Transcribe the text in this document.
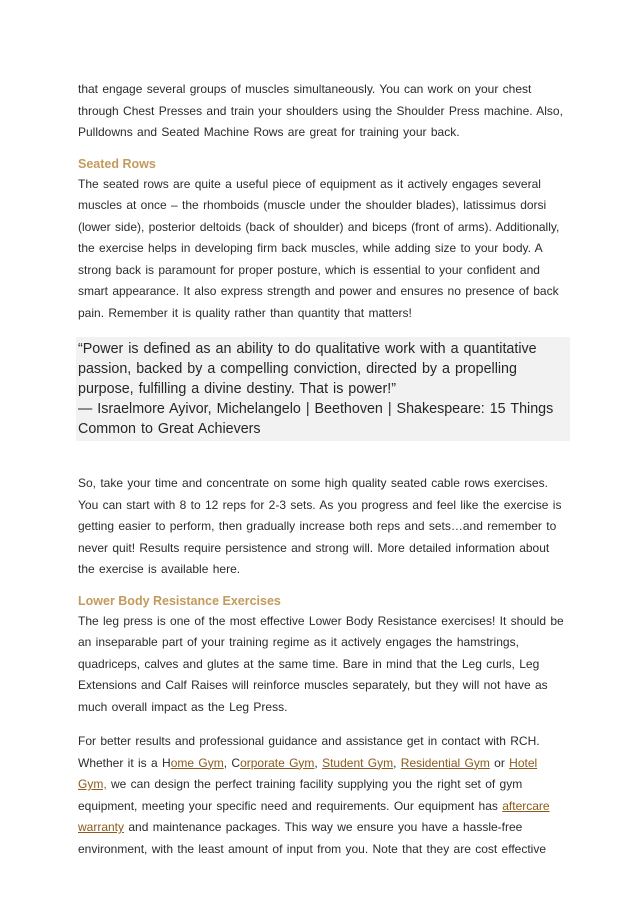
that engage several groups of muscles simultaneously. You can work on your chest through Chest Presses and train your shoulders using the Shoulder Press machine. Also, Pulldowns and Seated Machine Rows are great for training your back.

Seated Rows

The seated rows are quite a useful piece of equipment as it actively engages several muscles at once – the rhomboids (muscle under the shoulder blades), latissimus dorsi (lower side), posterior deltoids (back of shoulder) and biceps (front of arms). Additionally, the exercise helps in developing firm back muscles, while adding size to your body. A strong back is paramount for proper posture, which is essential to your confident and smart appearance. It also express strength and power and ensures no presence of back pain. Remember it is quality rather than quantity that matters!

“Power is defined as an ability to do qualitative work with a quantitative passion, backed by a compelling conviction, directed by a propelling purpose, fulfilling a divine destiny. That is power!”
— Israelmore Ayivor, Michelangelo | Beethoven | Shakespeare: 15 Things Common to Great Achievers

So, take your time and concentrate on some high quality seated cable rows exercises. You can start with 8 to 12 reps for 2-3 sets. As you progress and feel like the exercise is getting easier to perform, then gradually increase both reps and sets…and remember to never quit! Results require persistence and strong will. More detailed information about the exercise is available here.

Lower Body Resistance Exercises

The leg press is one of the most effective Lower Body Resistance exercises! It should be an inseparable part of your training regime as it actively engages the hamstrings, quadriceps, calves and glutes at the same time. Bare in mind that the Leg curls, Leg Extensions and Calf Raises will reinforce muscles separately, but they will not have as much overall impact as the Leg Press.

For better results and professional guidance and assistance get in contact with RCH. Whether it is a Home Gym, Corporate Gym, Student Gym, Residential Gym or Hotel Gym, we can design the perfect training facility supplying you the right set of gym equipment, meeting your specific need and requirements. Our equipment has aftercare warranty and maintenance packages. This way we ensure you have a hassle-free environment, with the least amount of input from you. Note that they are cost effective
